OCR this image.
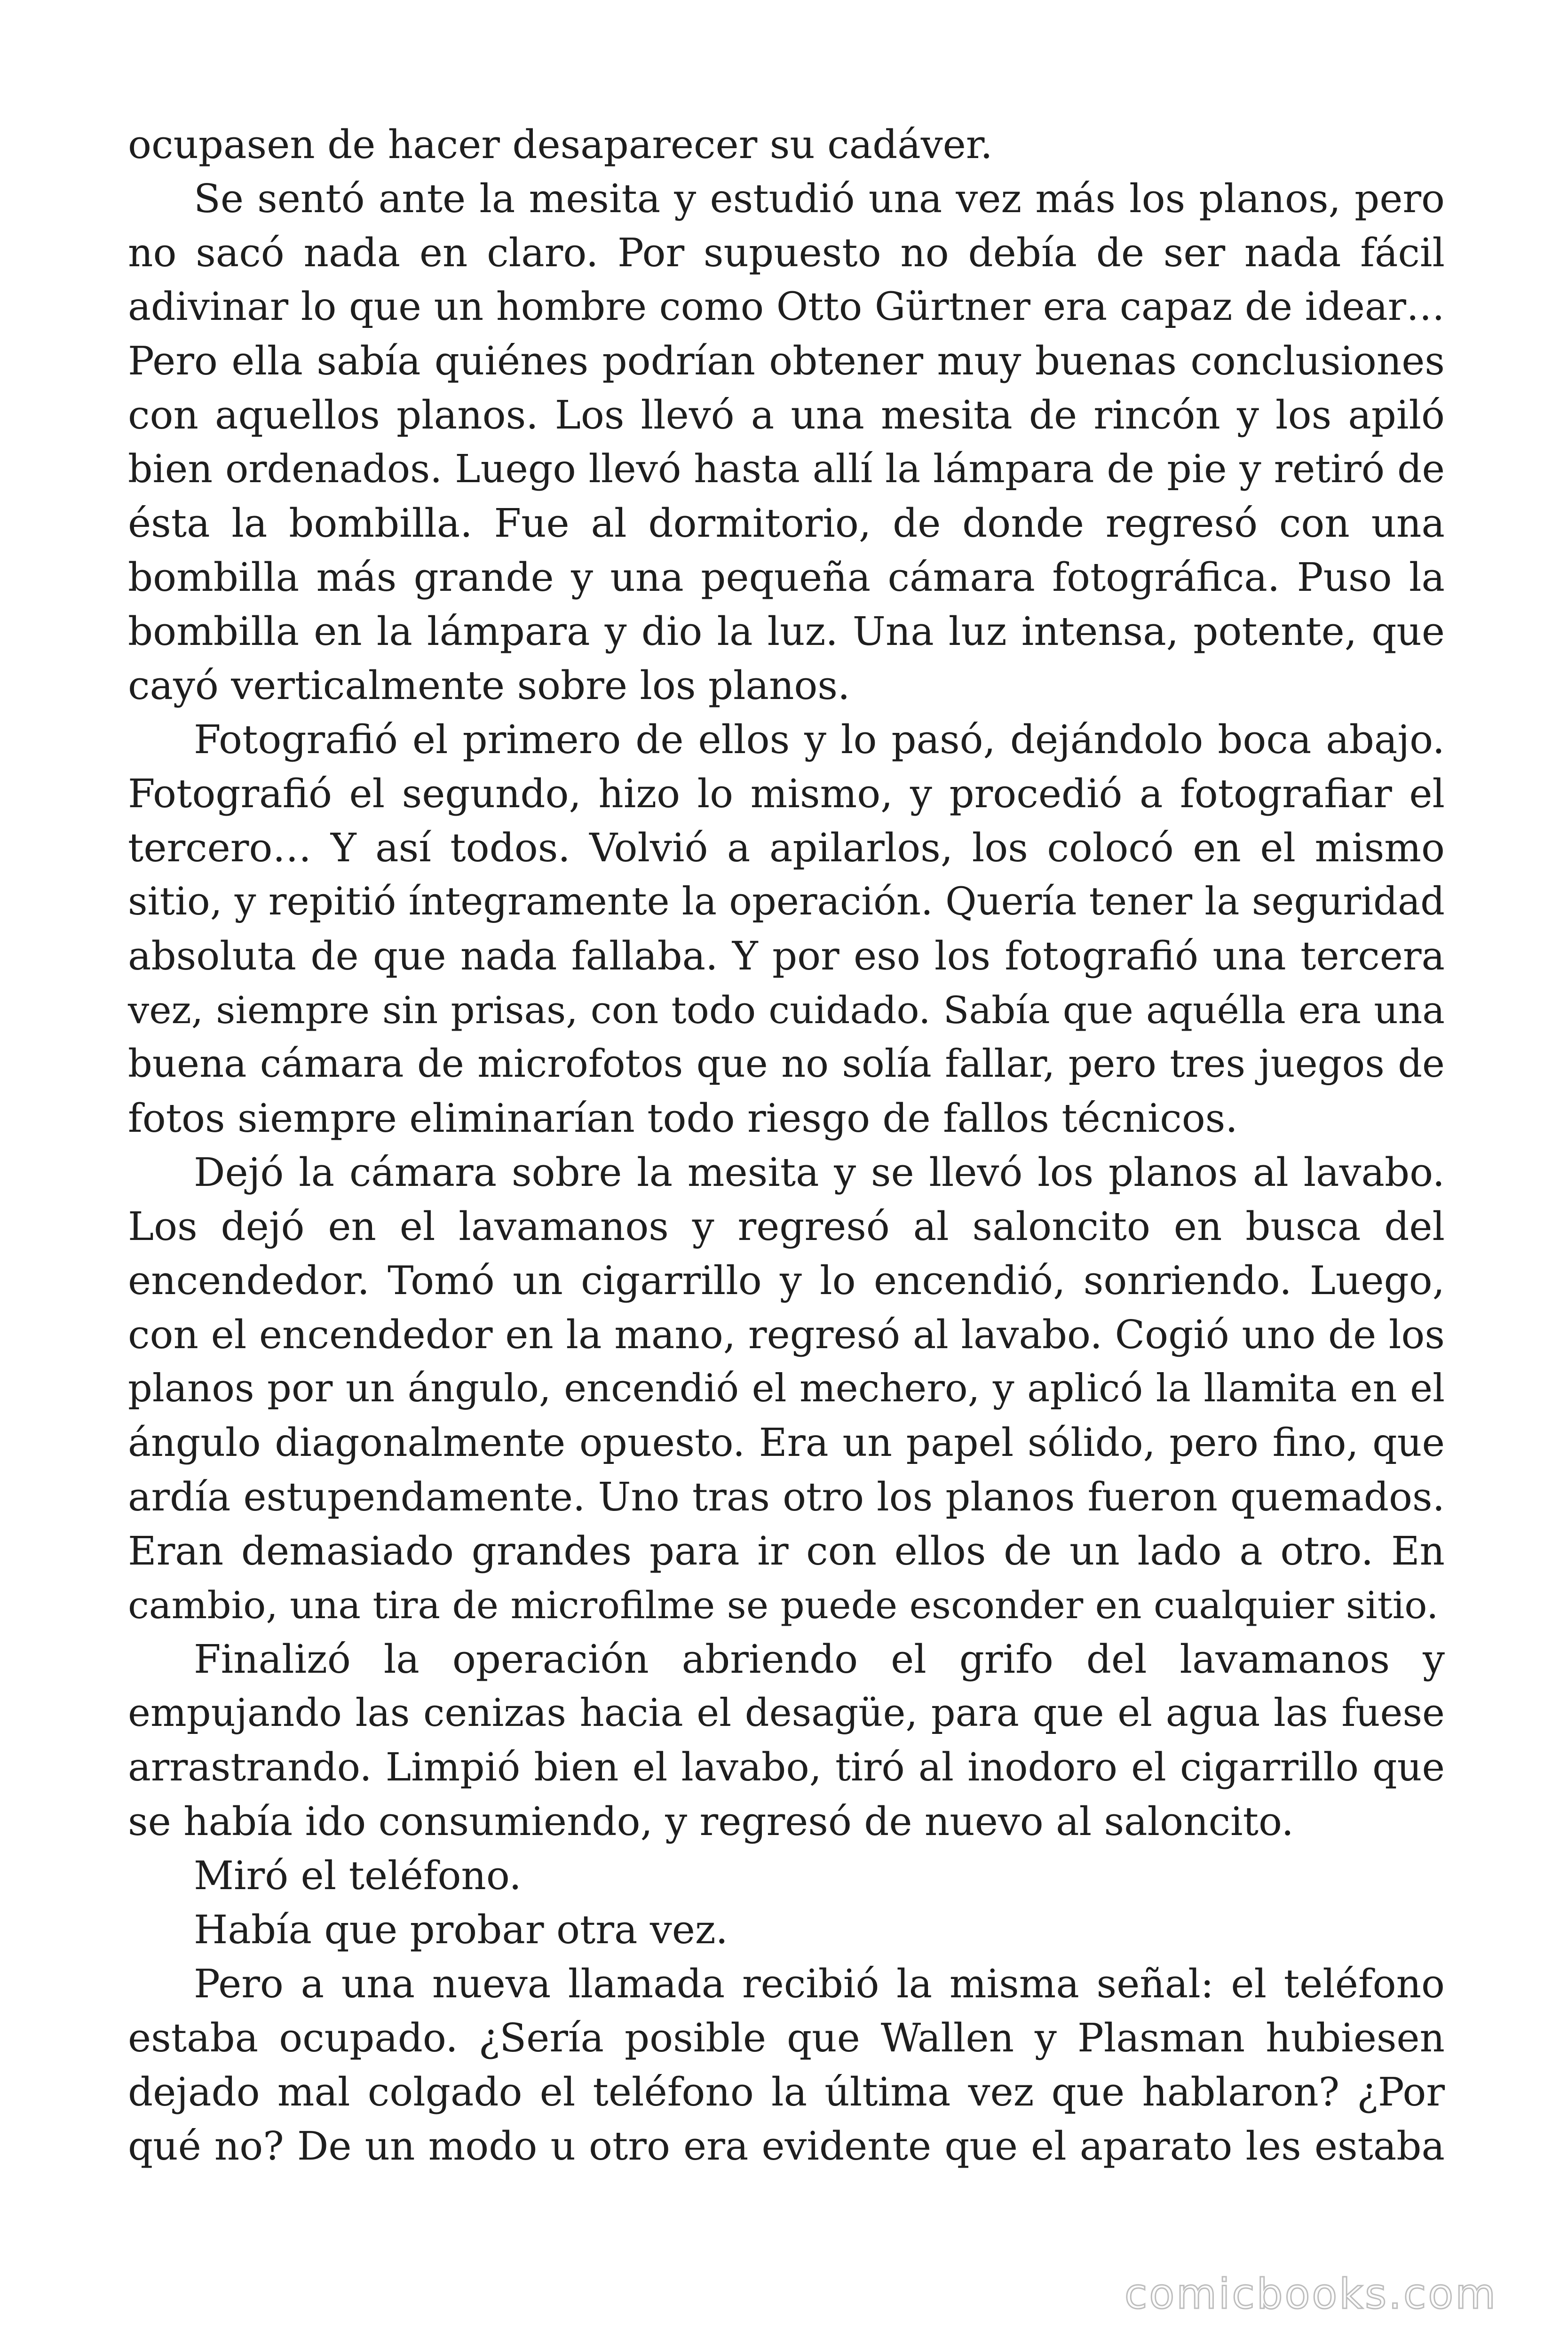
ocupasen de hacer desaparecer su cadáver.
Se sentó ante la mesita y estudió una vez más los planos, pero
no sacó nada en claro. Por supuesto no debía de ser nada fácil
adivinar lo que un hombre como Otto Gürtner era capaz de idear…
Pero ella sabía quiénes podrían obtener muy buenas conclusiones
con aquellos planos. Los llevó a una mesita de rincón y los apiló
bien ordenados. Luego llevó hasta allí la lámpara de pie y retiró de
ésta la bombilla. Fue al dormitorio, de donde regresó con una
bombilla más grande y una pequeña cámara fotográfica. Puso la
bombilla en la lámpara y dio la luz. Una luz intensa, potente, que
cayó verticalmente sobre los planos.
Fotografió el primero de ellos y lo pasó, dejándolo boca abajo.
Fotografió el segundo, hizo lo mismo, y procedió a fotografiar el
tercero… Y así todos. Volvió a apilarlos, los colocó en el mismo
sitio, y repitió íntegramente la operación. Quería tener la seguridad
absoluta de que nada fallaba. Y por eso los fotografió una tercera
vez, siempre sin prisas, con todo cuidado. Sabía que aquélla era una
buena cámara de microfotos que no solía fallar, pero tres juegos de
fotos siempre eliminarían todo riesgo de fallos técnicos.
Dejó la cámara sobre la mesita y se llevó los planos al lavabo.
Los dejó en el lavamanos y regresó al saloncito en busca del
encendedor. Tomó un cigarrillo y lo encendió, sonriendo. Luego,
con el encendedor en la mano, regresó al lavabo. Cogió uno de los
planos por un ángulo, encendió el mechero, y aplicó la llamita en el
ángulo diagonalmente opuesto. Era un papel sólido, pero fino, que
ardía estupendamente. Uno tras otro los planos fueron quemados.
Eran demasiado grandes para ir con ellos de un lado a otro. En
cambio, una tira de microfilme se puede esconder en cualquier sitio.
Finalizó la operación abriendo el grifo del lavamanos y
empujando las cenizas hacia el desagüe, para que el agua las fuese
arrastrando. Limpió bien el lavabo, tiró al inodoro el cigarrillo que
se había ido consumiendo, y regresó de nuevo al saloncito.
Miró el teléfono.
Había que probar otra vez.
Pero a una nueva llamada recibió la misma señal: el teléfono
estaba ocupado. ¿Sería posible que Wallen y Plasman hubiesen
dejado mal colgado el teléfono la última vez que hablaron? ¿Por
qué no? De un modo u otro era evidente que el aparato les estaba
comicbooks.com
